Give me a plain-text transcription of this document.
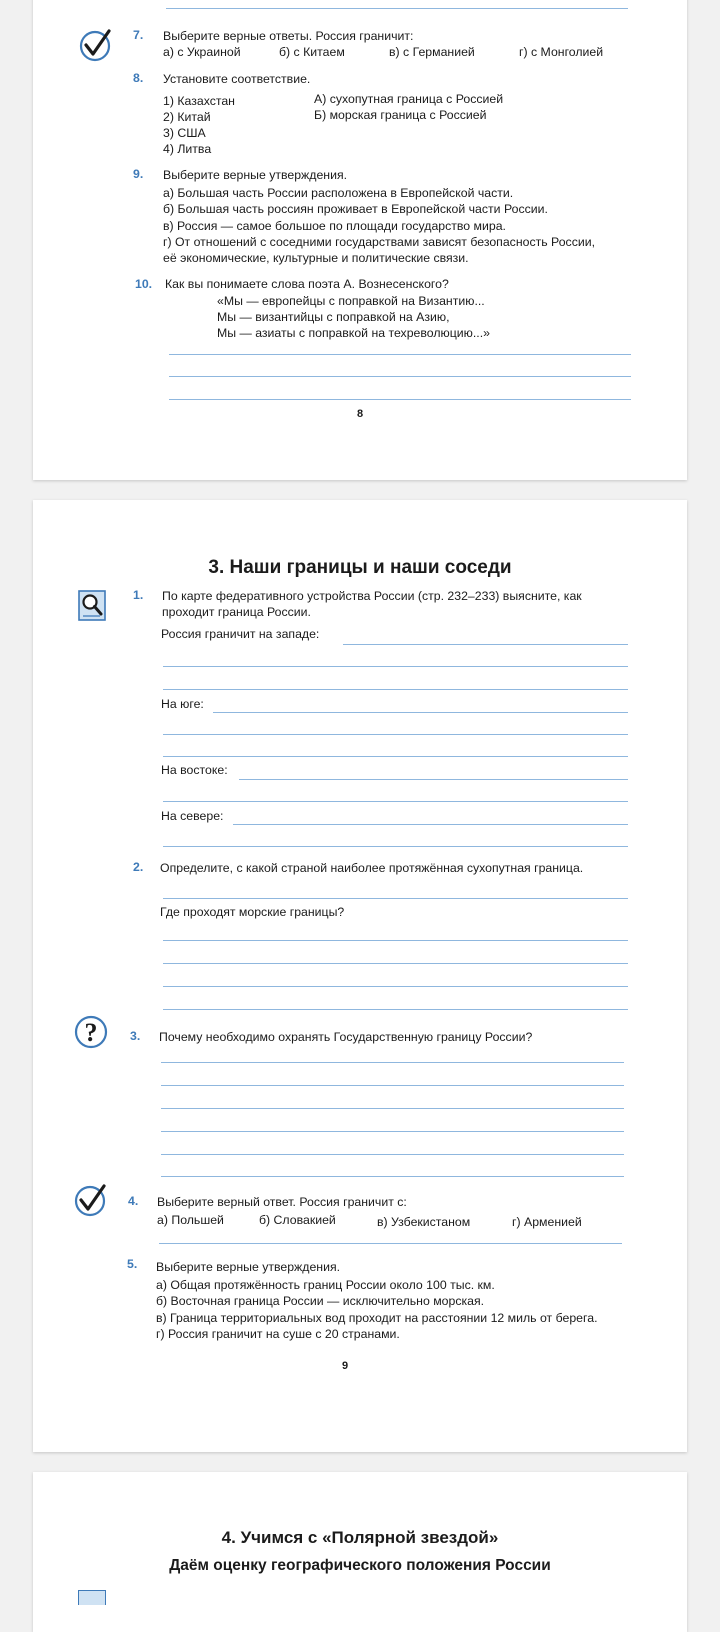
7. Выберите верные ответы. Россия граничит:
а) с Украиной	б) с Китаем	в) с Германией	г) с Монголией
8. Установите соответствие.
1) Казахстан
2) Китай
3) США
4) Литва
А) сухопутная граница с Россией
Б) морская граница с Россией
9. Выберите верные утверждения.
а) Большая часть России расположена в Европейской части.
б) Большая часть россиян проживает в Европейской части России.
в) Россия — самое большое по площади государство мира.
г) От отношений с соседними государствами зависят безопасность России,
её экономические, культурные и политические связи.
10. Как вы понимаете слова поэта А. Вознесенского?
«Мы — европейцы с поправкой на Византию...
Мы — византийцы с поправкой на Азию,
Мы — азиаты с поправкой на техреволюцию...»
8
3. Наши границы и наши соседи
1. По карте федеративного устройства России (стр. 232–233) выясните, как
проходит граница России.
Россия граничит на западе:
На юге:
На востоке:
На севере:
2. Определите, с какой страной наиболее протяжённая сухопутная граница.
Где проходят морские границы?
?	3. Почему необходимо охранять Государственную границу России?
4. Выберите верный ответ. Россия граничит с:
а) Польшей	б) Словакией	в) Узбекистаном	г) Арменией
5. Выберите верные утверждения.
а) Общая протяжённость границ России около 100 тыс. км.
б) Восточная граница России — исключительно морская.
в) Граница территориальных вод проходит на расстоянии 12 миль от берега.
г) Россия граничит на суше с 20 странами.
9
4. Учимся с «Полярной звездой»
Даём оценку географического положения России
